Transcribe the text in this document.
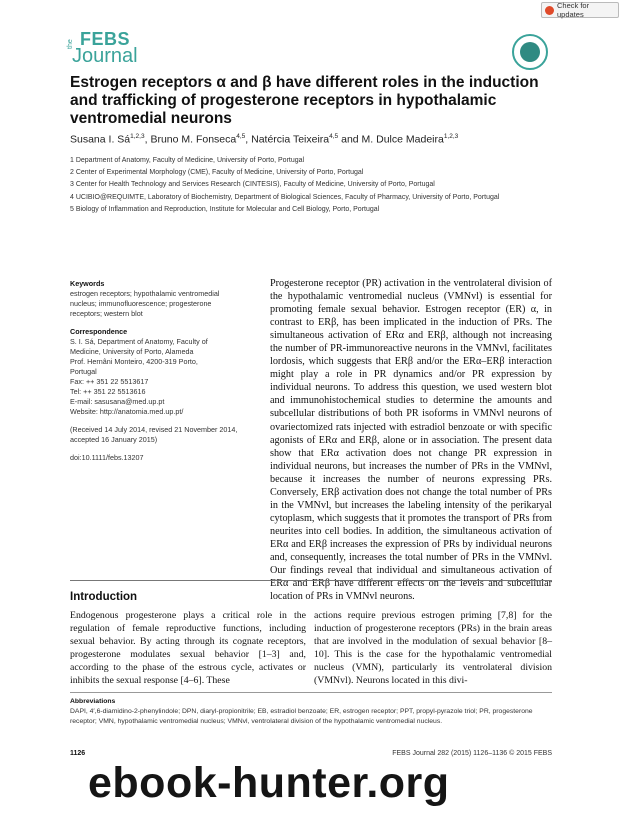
Check for updates
the FEBS
Journal
Estrogen receptors α and β have different roles in the induction and trafficking of progesterone receptors in hypothalamic ventromedial neurons
Susana I. Sá$^{1,2,3}$, Bruno M. Fonseca$^{4,5}$, Natércia Teixeira$^{4,5}$ and M. Dulce Madeira$^{1,2,3}$
1 Department of Anatomy, Faculty of Medicine, University of Porto, Portugal
2 Center of Experimental Morphology (CME), Faculty of Medicine, University of Porto, Portugal
3 Center for Health Technology and Services Research (CINTESIS), Faculty of Medicine, University of Porto, Portugal
4 UCIBIO@REQUIMTE, Laboratory of Biochemistry, Department of Biological Sciences, Faculty of Pharmacy, University of Porto, Portugal
5 Biology of Inflammation and Reproduction, Institute for Molecular and Cell Biology, Porto, Portugal
Keywords
estrogen receptors; hypothalamic ventromedial nucleus; immunofluorescence; progesterone receptors; western blot
Correspondence
S. I. Sá, Department of Anatomy, Faculty of
Medicine, University of Porto, Alameda
Prof. Hernâni Monteiro, 4200-319 Porto,
Portugal
Fax: ++ 351 22 5513617
Tel: ++ 351 22 5513616
E-mail: sasusana@med.up.pt
Website: http://anatomia.med.up.pt/
(Received 14 July 2014, revised 21 November 2014, accepted 16 January 2015)
doi:10.1111/febs.13207
Progesterone receptor (PR) activation in the ventrolateral division of the hypothalamic ventromedial nucleus (VMNvl) is essential for promoting female sexual behavior. Estrogen receptor (ER) α, in contrast to ERβ, has been implicated in the induction of PRs. The simultaneous activation of ERα and ERβ, although not increasing the number of PR-immunoreactive neurons in the VMNvl, facilitates lordosis, which suggests that ERβ and/or the ERα–ERβ interaction might play a role in PR dynamics and/or PR expression by individual neurons. To address this question, we used western blot and immunohistochemical studies to determine the amounts and subcellular distributions of both PR isoforms in VMNvl neurons of ovariectomized rats injected with estradiol benzoate or with specific agonists of ERα and ERβ, alone or in association. The present data show that ERα activation does not change PR expression in individual neurons, but increases the number of PRs in the VMNvl, because it increases the number of neurons expressing PRs. Conversely, ERβ activation does not change the total number of PRs in the VMNvl, but increases the labeling intensity of the perikaryal cytoplasm, which suggests that it promotes the transport of PRs from neurites into cell bodies. In addition, the simultaneous activation of ERα and ERβ increases the expression of PRs by individual neurons and, consequently, increases the total number of PRs in the VMNvl. Our findings reveal that individual and simultaneous activation of ERα and ERβ have different effects on the levels and subcellular location of PRs in VMNvl neurons.
Introduction
Endogenous progesterone plays a critical role in the regulation of female reproductive functions, including sexual behavior. By acting through its cognate receptors, progesterone modulates sexual behavior [1–3] and, according to the phase of the estrous cycle, activates or inhibits the sexual response [4–6]. These
actions require previous estrogen priming [7,8] for the induction of progesterone receptors (PRs) in the brain areas that are involved in the modulation of sexual behavior [8–10]. This is the case for the hypothalamic ventromedial nucleus (VMN), particularly its ventrolateral division (VMNvl). Neurons located in this divi-
Abbreviations
DAPI, 4′,6-diamidino-2-phenylindole; DPN, diaryl-propionitrile; EB, estradiol benzoate; ER, estrogen receptor; PPT, propyl-pyrazole triol; PR, progesterone receptor; VMN, hypothalamic ventromedial nucleus; VMNvl, ventrolateral division of the hypothalamic ventromedial nucleus.
1126	FEBS Journal 282 (2015) 1126–1136 © 2015 FEBS
ebook-hunter.org
